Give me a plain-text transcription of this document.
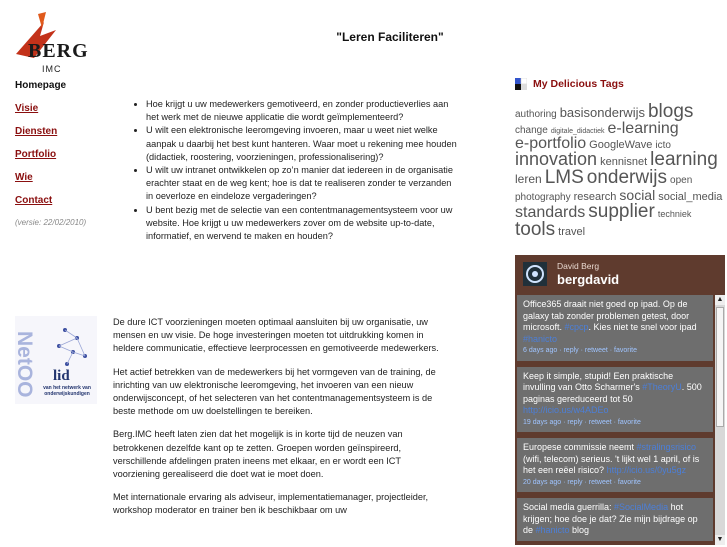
BERG
IMC
"Leren Faciliteren"
Homepage
Visie
Diensten
Portfolio
Wie
Contact
(versie: 22/02/2010)
• Hoe krijgt u uw medewerkers gemotiveerd, en zonder productieverlies aan het werk met de nieuwe applicatie die wordt geïmplementeerd?
• U wilt een elektronische leeromgeving invoeren, maar u weet niet welke aanpak u daarbij het best kunt hanteren. Waar moet u rekening mee houden (didactiek, roostering, voorzieningen, professionalisering)?
• U wilt uw intranet ontwikkelen op zo’n manier dat iedereen in de organisatie erachter staat en de weg kent; hoe is dat te realiseren zonder te verzanden in oeverloze en eindeloze vergaderingen?
• U bent bezig met de selectie van een contentmanagementsysteem voor uw website. Hoe krijgt u uw medewerkers zover om de website up-to-date, informatief, en wervend te maken en houden?
NetOO lid
van het netwerk van onderwijskundigen

De dure ICT voorzieningen moeten optimaal aansluiten bij uw organisatie, uw mensen en uw visie. De hoge investeringen moeten tot uitdrukking komen in heldere communicatie, effectieve leerprocessen en gemotiveerde medewerkers.

Het actief betrekken van de medewerkers bij het vormgeven van de training, de inrichting van uw elektronische leeromgeving, het invoeren van een nieuw onderwijsconcept, of het selecteren van het contentmanagementsysteem is de beste methode om uw doelstellingen te bereiken.

Berg.IMC heeft laten zien dat het mogelijk is in korte tijd de neuzen van betrokkenen dezelfde kant op te zetten. Groepen worden geïnspireerd, verschillende afdelingen praten ineens met elkaar, en er wordt een ICT voorziening gerealiseerd die doet wat ie moet doen.

Met internationale ervaring als adviseur, implementatiemanager, projectleider, workshop moderator en trainer ben ik beschikbaar om uw

My Delicious Tags
authoring basisonderwijs blogschange digitale_didactiek e-learninge-portfolio GoogleWave ictoinnovation kennisnet learningleren LMS onderwijs openphotography research social social_mediastandards supplier techniektools travel
David Berg
bergdavid
Office365 draait niet goed op ipad. Op de galaxy tab zonder problemen getest, door microsoft. #cpcp. Kies niet te snel voor ipad #hanicto
6 days ago · reply · retweet · favorite
Keep it simple, stupid! Een praktische invulling van Otto Scharmer's #TheoryU. 500 paginas gereduceerd tot 50 http://icio.us/w4ADEo
19 days ago · reply · retweet · favorite
Europese commissie neemt #stralingsrisico (wifi, telecom) serieus. 't lijkt wel 1 april, of is het een reëel risico? http://icio.us/0yu5gz
20 days ago · reply · retweet · favorite
Social media guerrilla: #SocialMedia hot krijgen; hoe doe je dat? Zie mijn bijdrage op de #hanicto blog
▲
▼
